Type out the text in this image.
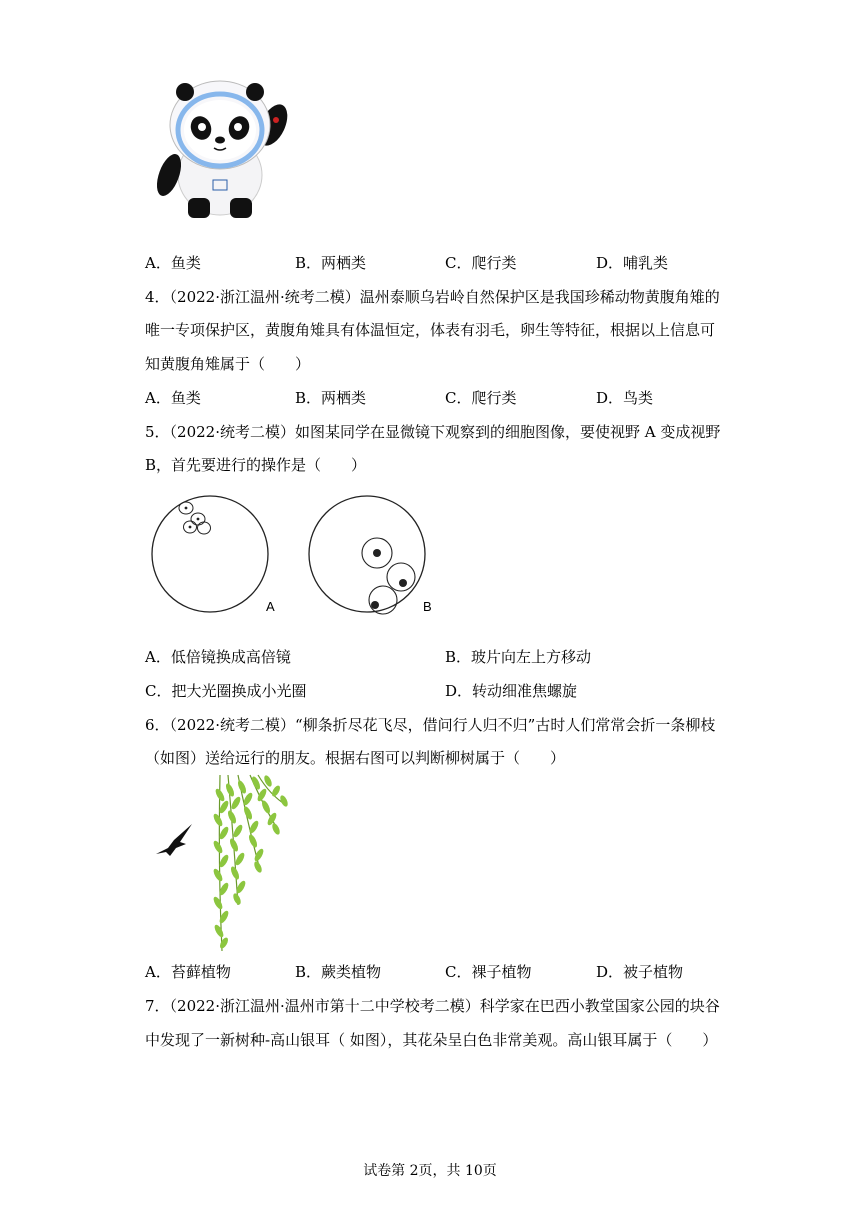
A．鱼类	B．两栖类	C．爬行类	D．哺乳类
4．（2022·浙江温州·统考二模）温州泰顺乌岩岭自然保护区是我国珍稀动物黄腹角雉的
唯一专项保护区，黄腹角雉具有体温恒定，体表有羽毛，卵生等特征，根据以上信息可
知黄腹角雉属于（　　）
A．鱼类	B．两栖类	C．爬行类	D．鸟类
5．（2022·统考二模）如图某同学在显微镜下观察到的细胞图像，要使视野 A 变成视野
B，首先要进行的操作是（　　）
A	B
A．低倍镜换成高倍镜	B．玻片向左上方移动
C．把大光圈换成小光圈	D．转动细准焦螺旋
6．（2022·统考二模）“柳条折尽花飞尽，借问行人归不归”古时人们常常会折一条柳枝
（如图）送给远行的朋友。根据右图可以判断柳树属于（　　）
A．苔藓植物	B．蕨类植物	C．裸子植物	D．被子植物
7．（2022·浙江温州·温州市第十二中学校考二模）科学家在巴西小教堂国家公园的块谷
中发现了一新树种-高山银耳（ 如图），其花朵呈白色非常美观。高山银耳属于（　　）
试卷第 2页，共 10页
